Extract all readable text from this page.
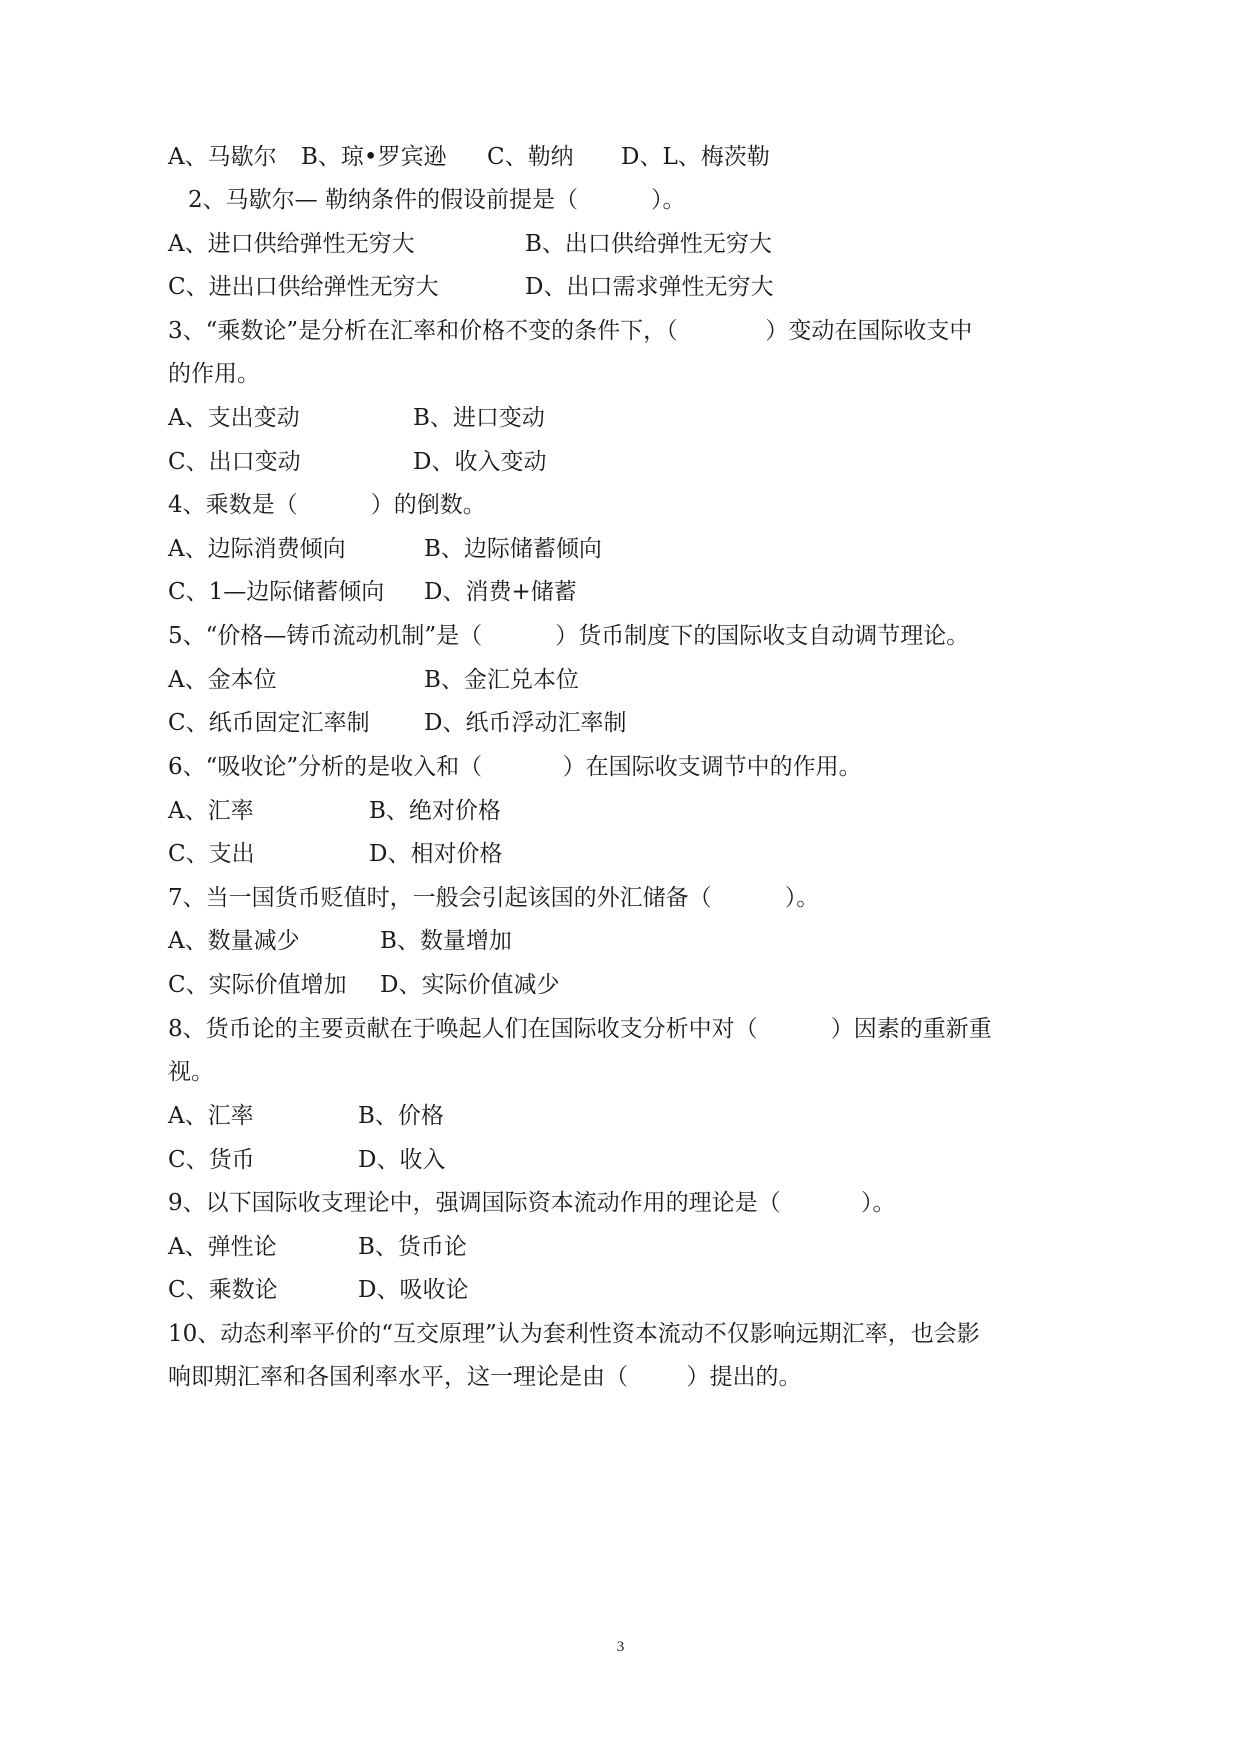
A、马歇尔 B、琼•罗宾逊 C、勒纳 D、L、梅茨勒
2、马歇尔— 勒纳条件的假设前提是（          ）。
A、进口供给弹性无穷大	B、出口供给弹性无穷大
C、进出口供给弹性无穷大	D、出口需求弹性无穷大
3、“乘数论”是分析在汇率和价格不变的条件下，（            ）变动在国际收支中
的作用。
A、支出变动	B、进口变动
C、出口变动	D、收入变动
4、乘数是（          ）的倒数。
A、边际消费倾向	B、边际储蓄倾向
C、1—边际储蓄倾向 D、消费+储蓄
5、“价格—铸币流动机制”是（          ）货币制度下的国际收支自动调节理论。
A、金本位	B、金汇兑本位
C、纸币固定汇率制 D、纸币浮动汇率制
6、“吸收论”分析的是收入和（           ）在国际收支调节中的作用。
A、汇率	B、绝对价格
C、支出	D、相对价格
7、当一国货币贬值时，一般会引起该国的外汇储备（          ）。
A、数量减少	B、数量增加
C、实际价值增加 D、实际价值减少
8、货币论的主要贡献在于唤起人们在国际收支分析中对（          ）因素的重新重
视。
A、汇率	B、价格
C、货币	D、收入
9、以下国际收支理论中，强调国际资本流动作用的理论是（           ）。
A、弹性论	B、货币论
C、乘数论	D、吸收论
10、动态利率平价的“互交原理”认为套利性资本流动不仅影响远期汇率，也会影
响即期汇率和各国利率水平，这一理论是由（        ）提出的。
3
